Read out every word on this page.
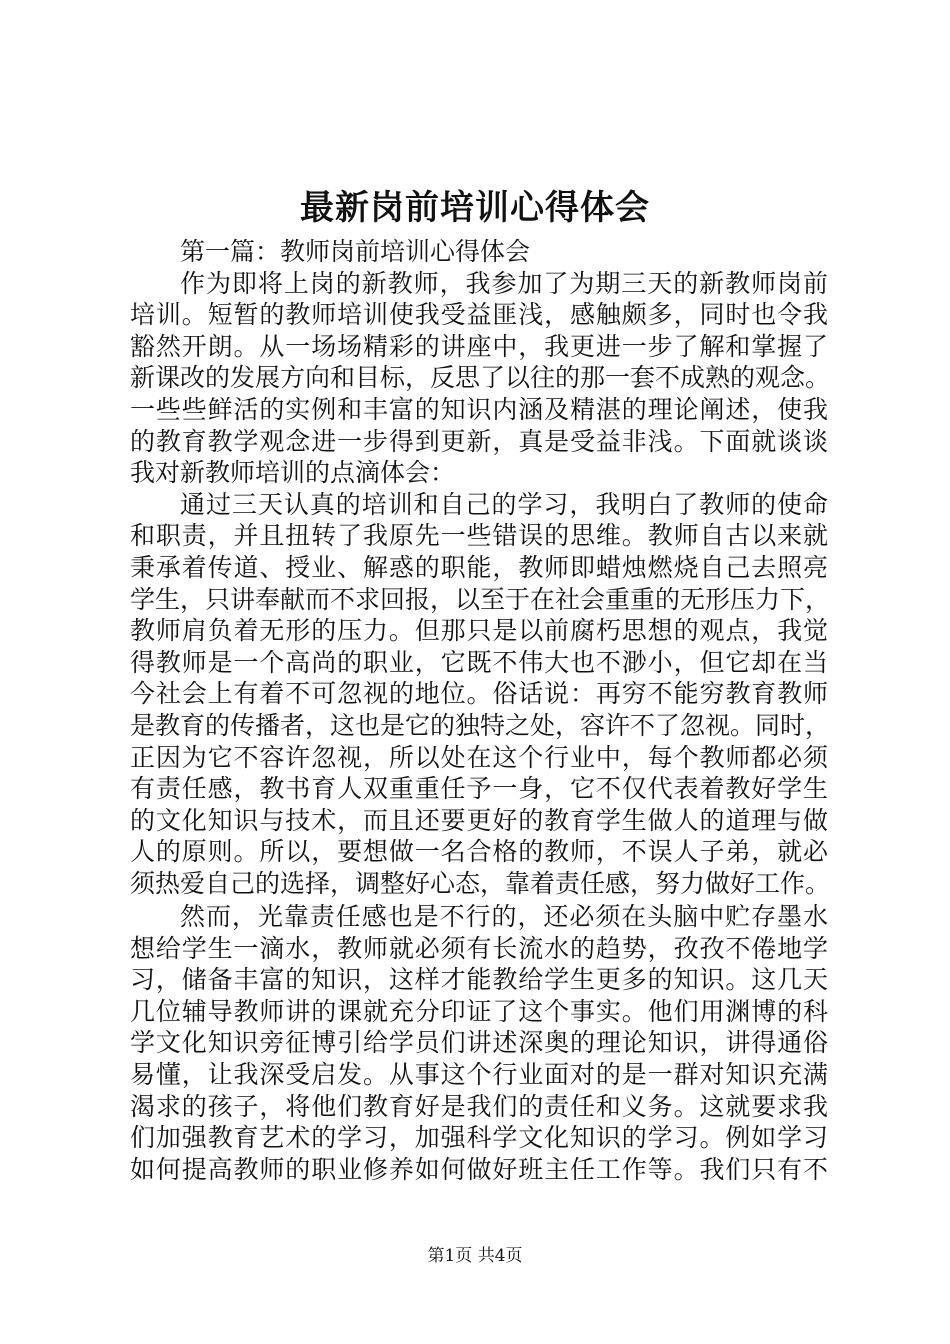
最新岗前培训心得体会
第一篇：教师岗前培训心得体会
作为即将上岗的新教师，我参加了为期三天的新教师岗前
培训。短暂的教师培训使我受益匪浅，感触颇多，同时也令我
豁然开朗。从一场场精彩的讲座中，我更进一步了解和掌握了
新课改的发展方向和目标，反思了以往的那一套不成熟的观念。
一些些鲜活的实例和丰富的知识内涵及精湛的理论阐述，使我
的教育教学观念进一步得到更新，真是受益非浅。下面就谈谈
我对新教师培训的点滴体会：
通过三天认真的培训和自己的学习，我明白了教师的使命
和职责，并且扭转了我原先一些错误的思维。教师自古以来就
秉承着传道、授业、解惑的职能，教师即蜡烛燃烧自己去照亮
学生，只讲奉献而不求回报，以至于在社会重重的无形压力下，
教师肩负着无形的压力。但那只是以前腐朽思想的观点，我觉
得教师是一个高尚的职业，它既不伟大也不渺小，但它却在当
今社会上有着不可忽视的地位。俗话说：再穷不能穷教育教师
是教育的传播者，这也是它的独特之处，容许不了忽视。同时，
正因为它不容许忽视，所以处在这个行业中，每个教师都必须
有责任感，教书育人双重重任予一身，它不仅代表着教好学生
的文化知识与技术，而且还要更好的教育学生做人的道理与做
人的原则。所以，要想做一名合格的教师，不误人子弟，就必
须热爱自己的选择，调整好心态，靠着责任感，努力做好工作。
然而，光靠责任感也是不行的，还必须在头脑中贮存墨水
想给学生一滴水，教师就必须有长流水的趋势，孜孜不倦地学
习，储备丰富的知识，这样才能教给学生更多的知识。这几天
几位辅导教师讲的课就充分印证了这个事实。他们用渊博的科
学文化知识旁征博引给学员们讲述深奥的理论知识，讲得通俗
易懂，让我深受启发。从事这个行业面对的是一群对知识充满
渴求的孩子，将他们教育好是我们的责任和义务。这就要求我
们加强教育艺术的学习，加强科学文化知识的学习。例如学习
如何提高教师的职业修养如何做好班主任工作等。我们只有不
第1页 共4页
